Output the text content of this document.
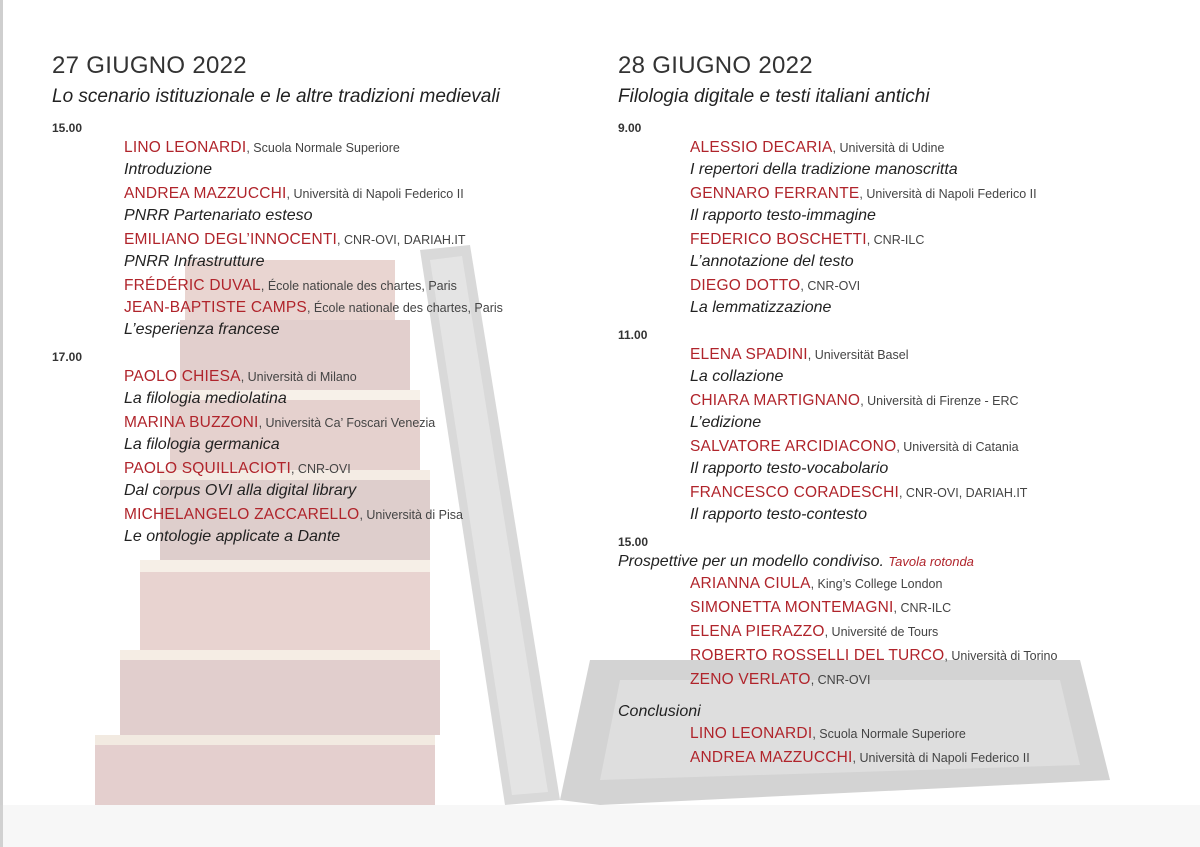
27 GIUGNO 2022
Lo scenario istituzionale e le altre tradizioni medievali
15.00
LINO LEONARDI, Scuola Normale Superiore
Introduzione
ANDREA MAZZUCCHI, Università di Napoli Federico II
PNRR Partenariato esteso
EMILIANO DEGL’INNOCENTI, CNR-OVI, DARIAH.IT
PNRR Infrastrutture
FRÉDÉRIC DUVAL, École nationale des chartes, Paris
JEAN-BAPTISTE CAMPS, École nationale des chartes, Paris
L’esperienza francese
17.00
PAOLO CHIESA, Università di Milano
La filologia mediolatina
MARINA BUZZONI, Università Ca’ Foscari Venezia
La filologia germanica
PAOLO SQUILLACIOTI, CNR-OVI
Dal corpus OVI alla digital library
MICHELANGELO ZACCARELLO, Università di Pisa
Le ontologie applicate a Dante
28 GIUGNO 2022
Filologia digitale e testi italiani antichi
9.00
ALESSIO DECARIA, Università di Udine
I repertori della tradizione manoscritta
GENNARO FERRANTE, Università di Napoli Federico II
Il rapporto testo-immagine
FEDERICO BOSCHETTI, CNR-ILC
L’annotazione del testo
DIEGO DOTTO, CNR-OVI
La lemmatizzazione
11.00
ELENA SPADINI, Universität Basel
La collazione
CHIARA MARTIGNANO, Università di Firenze - ERC
L’edizione
SALVATORE ARCIDIACONO, Università di Catania
Il rapporto testo-vocabolario
FRANCESCO CORADESCHI, CNR-OVI, DARIAH.IT
Il rapporto testo-contesto
15.00
Prospettive per un modello condiviso. Tavola rotonda
ARIANNA CIULA, King’s College London
SIMONETTA MONTEMAGNI, CNR-ILC
ELENA PIERAZZO, Université de Tours
ROBERTO ROSSELLI DEL TURCO, Università di Torino
ZENO VERLATO, CNR-OVI
Conclusioni
LINO LEONARDI, Scuola Normale Superiore
ANDREA MAZZUCCHI, Università di Napoli Federico II
